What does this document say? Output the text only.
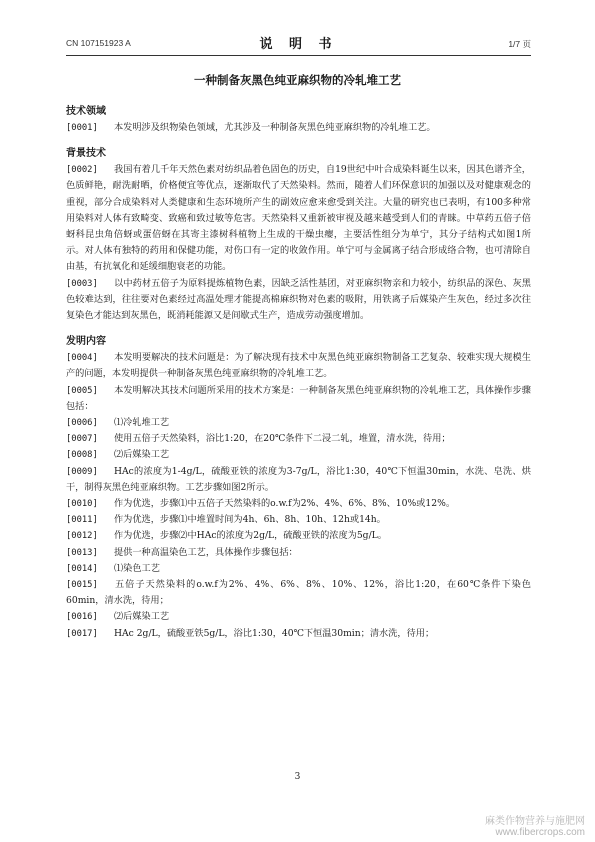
CN 107151923 A	说 明 书	1/7 页
一种制备灰黑色纯亚麻织物的冷轧堆工艺
技术领域
[0001] 本发明涉及织物染色领域，尤其涉及一种制备灰黑色纯亚麻织物的冷轧堆工艺。
背景技术
[0002] 我国有着几千年天然色素对纺织品着色固色的历史，自19世纪中叶合成染料诞生以来，因其色谱齐全，色质鲜艳，耐洗耐晒，价格便宜等优点，逐渐取代了天然染料。然而，随着人们环保意识的加强以及对健康观念的重视，部分合成染料对人类健康和生态环境所产生的副效应愈来愈受到关注。大量的研究也已表明，有100多种常用染料对人体有致畸变、致癌和致过敏等危害。天然染料又重新被审视及越来越受到人们的青睐。中草药五倍子倍蚜科昆虫角倍蚜或蛋倍蚜在其寄主漆树科植物上生成的干燥虫瘿，主要活性组分为单宁，其分子结构式如图1所示。对人体有独特的药用和保健功能，对伤口有一定的收敛作用。单宁可与金属离子结合形成络合物，也可清除自由基，有抗氧化和延缓细胞衰老的功能。
[0003] 以中药材五倍子为原料提炼植物色素，因缺乏活性基团，对亚麻织物亲和力较小，纺织品的深色、灰黑色较难达到，往往要对色素经过高温处理才能提高棉麻织物对色素的吸附，用铁离子后媒染产生灰色，经过多次往复染色才能达到灰黑色，既消耗能源又是间歇式生产，造成劳动强度增加。
发明内容
[0004] 本发明要解决的技术问题是：为了解决现有技术中灰黑色纯亚麻织物制备工艺复杂、较难实现大规模生产的问题，本发明提供一种制备灰黑色纯亚麻织物的冷轧堆工艺。
[0005] 本发明解决其技术问题所采用的技术方案是：一种制备灰黑色纯亚麻织物的冷轧堆工艺，具体操作步骤包括：
[0006] ⑴冷轧堆工艺
[0007] 使用五倍子天然染料，浴比1:20，在20℃条件下二浸二轧，堆置，清水洗，待用；
[0008] ⑵后媒染工艺
[0009] HAc的浓度为1-4g/L，硫酸亚铁的浓度为3-7g/L，浴比1:30，40℃下恒温30min，水洗、皂洗、烘干，制得灰黑色纯亚麻织物。工艺步骤如图2所示。
[0010] 作为优选，步骤⑴中五倍子天然染料的o.w.f为2%、4%、6%、8%、10%或12%。
[0011] 作为优选，步骤⑴中堆置时间为4h、6h、8h、10h、12h或14h。
[0012] 作为优选，步骤⑵中HAc的浓度为2g/L，硫酸亚铁的浓度为5g/L。
[0013] 提供一种高温染色工艺，具体操作步骤包括：
[0014] ⑴染色工艺
[0015] 五倍子天然染料的o.w.f为2%、4%、6%、8%、10%、12%，浴比1:20，在60℃条件下染色60min，清水洗，待用；
[0016] ⑵后媒染工艺
[0017] HAc 2g/L，硫酸亚铁5g/L，浴比1:30，40℃下恒温30min；清水洗，待用；
3
麻类作物营养与施肥网
www.fibercrops.com
